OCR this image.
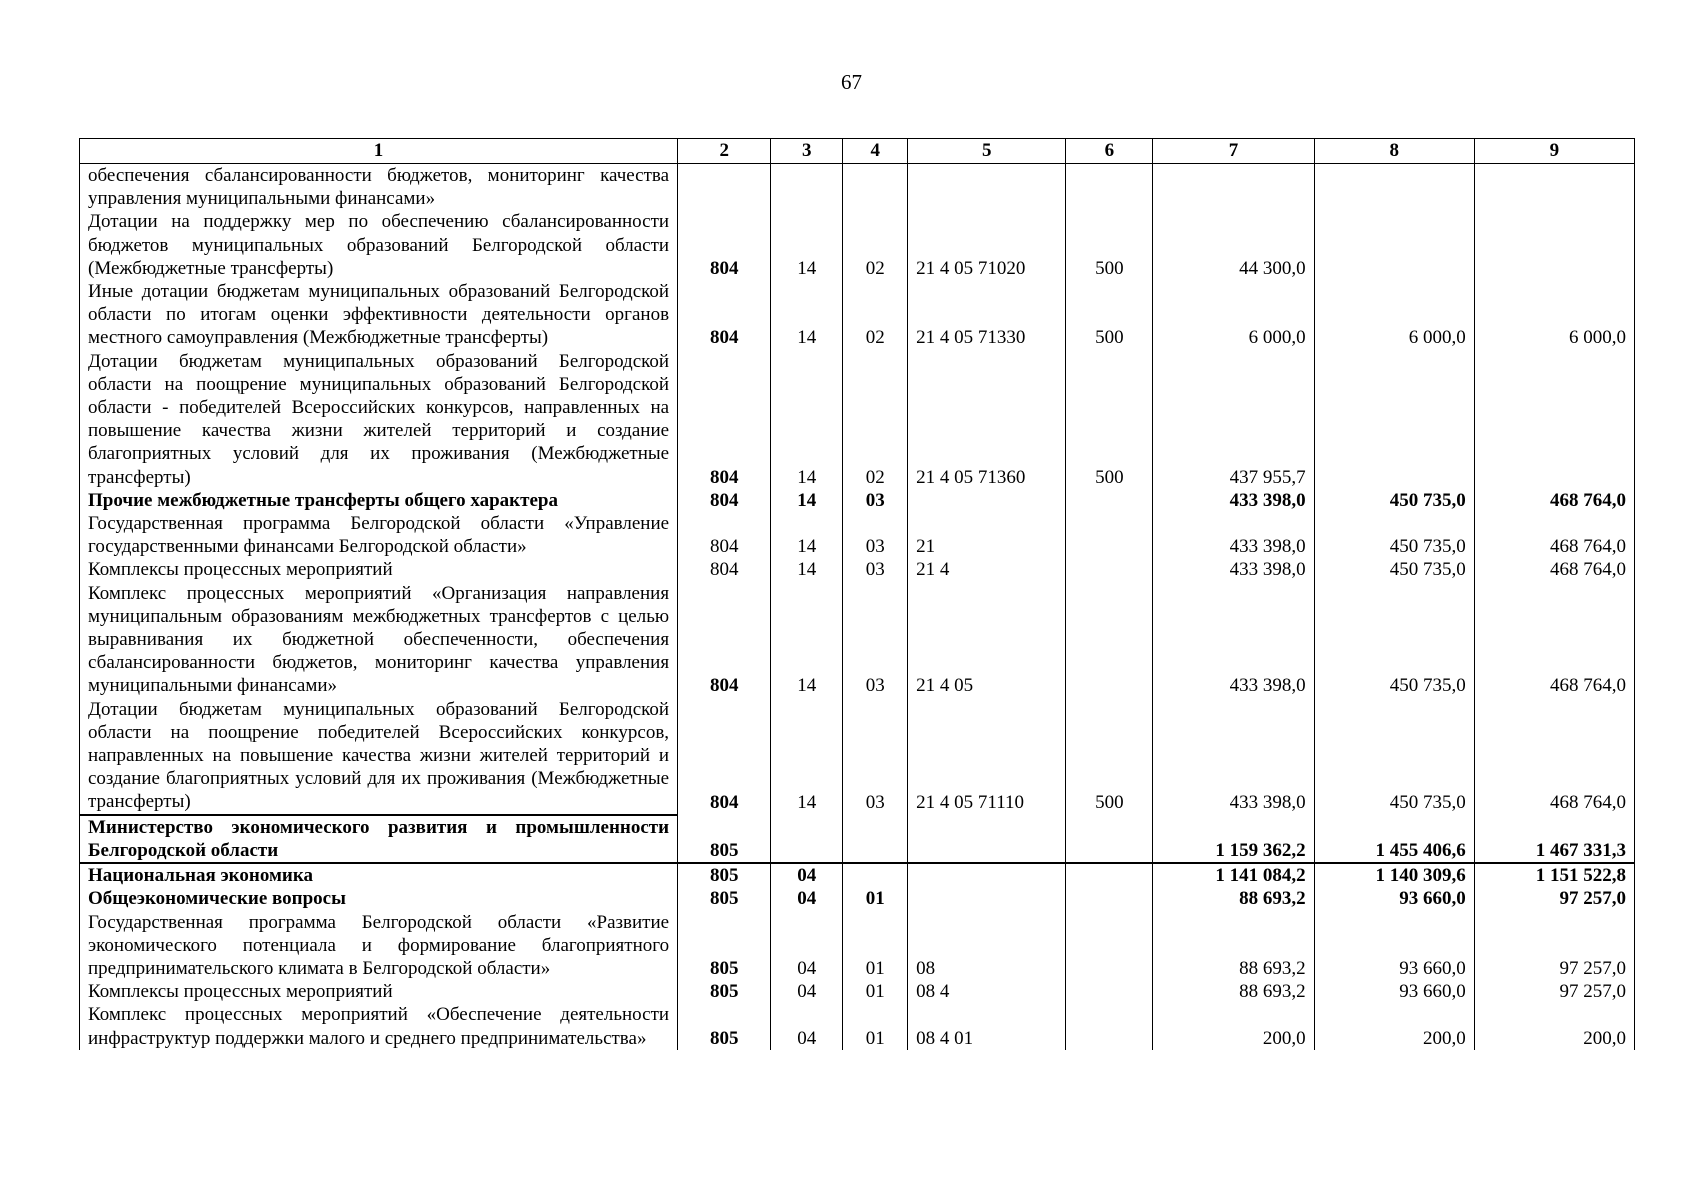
67
1	2	3	4	5	6	7	8	9
обеспечения сбалансированности бюджетов, мониторинг качества управления муниципальными финансами»								
Дотации на поддержку мер по обеспечению сбалансированности бюджетов муниципальных образований Белгородской области (Межбюджетные трансферты)	804	14	02	21 4 05 71020	500	44 300,0		
Иные дотации бюджетам муниципальных образований Белгородской области по итогам оценки эффективности деятельности органов местного самоуправления (Межбюджетные трансферты)	804	14	02	21 4 05 71330	500	6 000,0	6 000,0	6 000,0
Дотации бюджетам муниципальных образований Белгородской области на поощрение муниципальных образований Белгородской области - победителей Всероссийских конкурсов, направленных на повышение качества жизни жителей территорий и создание благоприятных условий для их проживания (Межбюджетные трансферты)	804	14	02	21 4 05 71360	500	437 955,7		
Прочие межбюджетные трансферты общего характера	804	14	03			433 398,0	450 735,0	468 764,0
Государственная программа Белгородской области «Управление государственными финансами Белгородской области»	804	14	03	21		433 398,0	450 735,0	468 764,0
Комплексы процессных мероприятий	804	14	03	21 4		433 398,0	450 735,0	468 764,0
Комплекс процессных мероприятий «Организация направления муниципальным образованиям межбюджетных трансфертов с целью выравнивания их бюджетной обеспеченности, обеспечения сбалансированности бюджетов, мониторинг качества управления муниципальными финансами»	804	14	03	21 4 05		433 398,0	450 735,0	468 764,0
Дотации бюджетам муниципальных образований Белгородской области на поощрение победителей Всероссийских конкурсов, направленных на повышение качества жизни жителей территорий и создание благоприятных условий для их проживания (Межбюджетные трансферты)	804	14	03	21 4 05 71110	500	433 398,0	450 735,0	468 764,0
Министерство экономического развития и промышленности Белгородской области	805					1 159 362,2	1 455 406,6	1 467 331,3
Национальная экономика	805	04				1 141 084,2	1 140 309,6	1 151 522,8
Общеэкономические вопросы	805	04	01			88 693,2	93 660,0	97 257,0
Государственная программа Белгородской области «Развитие экономического потенциала и формирование благоприятного предпринимательского климата в Белгородской области»	805	04	01	08		88 693,2	93 660,0	97 257,0
Комплексы процессных мероприятий	805	04	01	08 4		88 693,2	93 660,0	97 257,0
Комплекс процессных мероприятий «Обеспечение деятельности инфраструктур поддержки малого и среднего предпринимательства»	805	04	01	08 4 01		200,0	200,0	200,0
